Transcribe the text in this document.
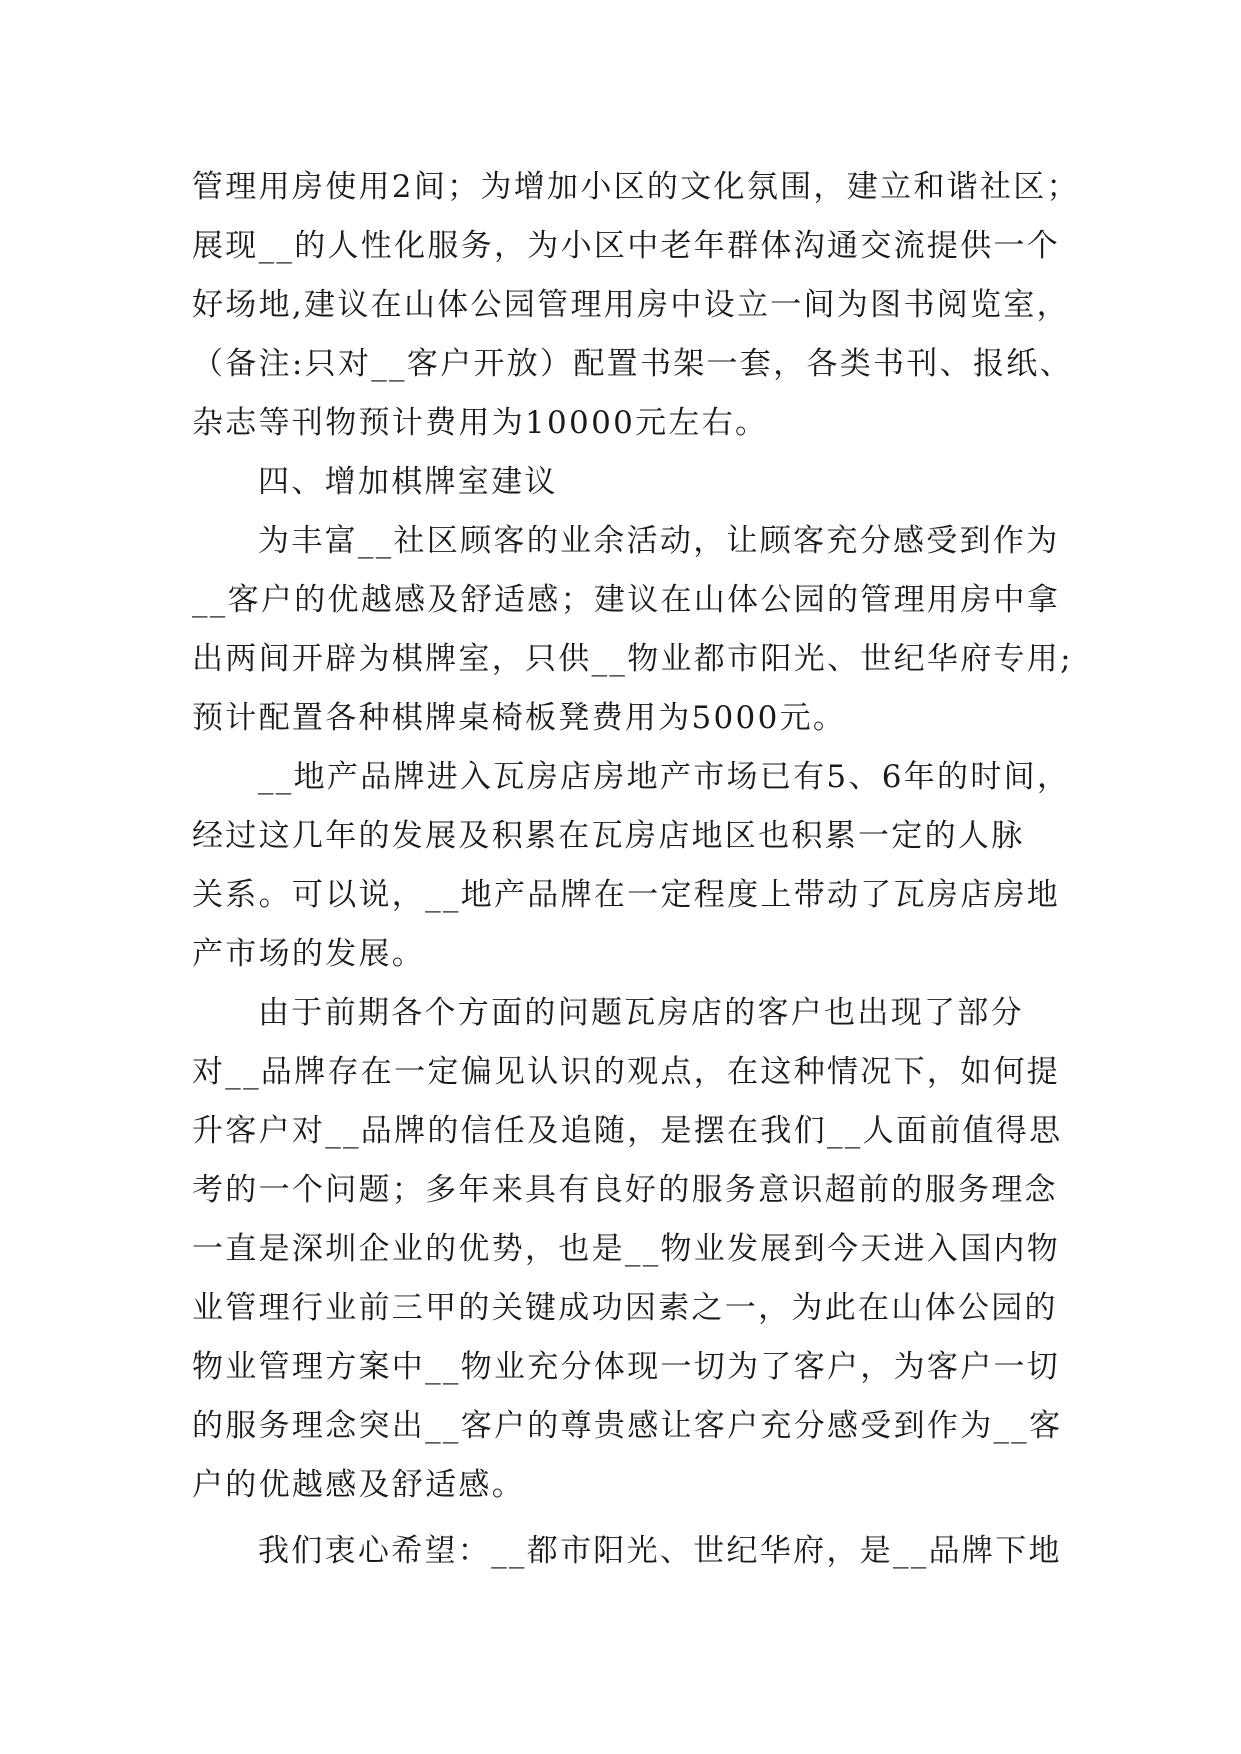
管理用房使用2间；为增加小区的文化氛围，建立和谐社区；
展现__的人性化服务，为小区中老年群体沟通交流提供一个
好场地,建议在山体公园管理用房中设立一间为图书阅览室，
（备注:只对__客户开放）配置书架一套，各类书刊、报纸、
杂志等刊物预计费用为10000元左右。
四、增加棋牌室建议
为丰富__社区顾客的业余活动，让顾客充分感受到作为
__客户的优越感及舒适感；建议在山体公园的管理用房中拿
出两间开辟为棋牌室，只供__物业都市阳光、世纪华府专用;
预计配置各种棋牌桌椅板凳费用为5000元。
__地产品牌进入瓦房店房地产市场已有5、6年的时间，
经过这几年的发展及积累在瓦房店地区也积累一定的人脉
关系。可以说，__地产品牌在一定程度上带动了瓦房店房地
产市场的发展。
由于前期各个方面的问题瓦房店的客户也出现了部分
对__品牌存在一定偏见认识的观点，在这种情况下，如何提
升客户对__品牌的信任及追随，是摆在我们__人面前值得思
考的一个问题；多年来具有良好的服务意识超前的服务理念
一直是深圳企业的优势，也是__物业发展到今天进入国内物
业管理行业前三甲的关键成功因素之一，为此在山体公园的
物业管理方案中__物业充分体现一切为了客户，为客户一切
的服务理念突出__客户的尊贵感让客户充分感受到作为__客
户的优越感及舒适感。
我们衷心希望：__都市阳光、世纪华府，是__品牌下地
